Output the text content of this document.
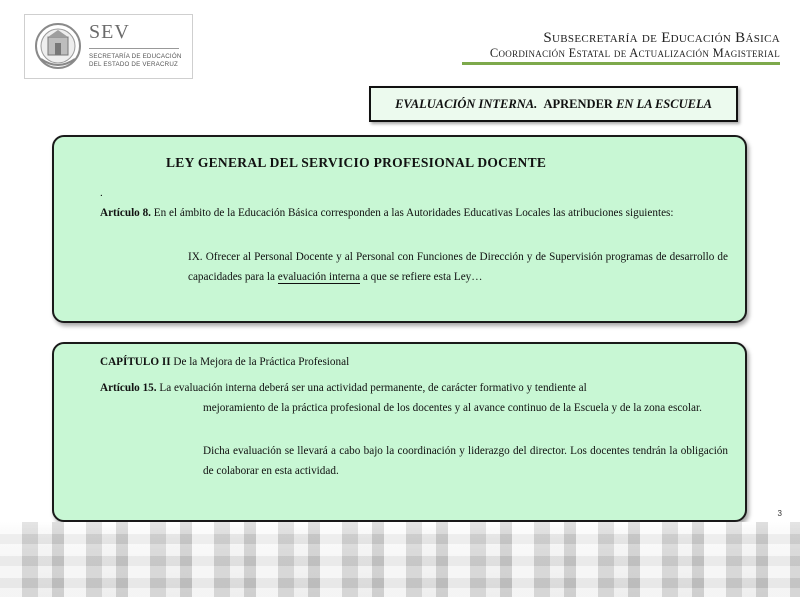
SEV
SECRETARÍA DE EDUCACIÓN
DEL ESTADO DE VERACRUZ
Subsecretaría de Educación Básica
Coordinación Estatal de Actualización Magisterial
EVALUACIÓN INTERNA.
APRENDER
EN LA ESCUELA
LEY GENERAL DEL SERVICIO PROFESIONAL DOCENTE
.
Artículo 8. En el ámbito de la Educación Básica corresponden a las Autoridades Educativas Locales las atribuciones siguientes:
IX. Ofrecer al Personal Docente y al Personal con Funciones de Dirección y de Supervisión programas de desarrollo de capacidades para la evaluación interna a que se refiere esta Ley…
CAPÍTULO II De la Mejora de la Práctica Profesional
Artículo 15. La evaluación interna deberá ser una actividad permanente, de carácter formativo y tendiente al
mejoramiento de la práctica profesional de los docentes y al avance continuo de la Escuela y de la zona escolar.
Dicha evaluación se llevará a cabo bajo la coordinación y liderazgo del director. Los docentes tendrán la obligación de colaborar en esta actividad.
3
